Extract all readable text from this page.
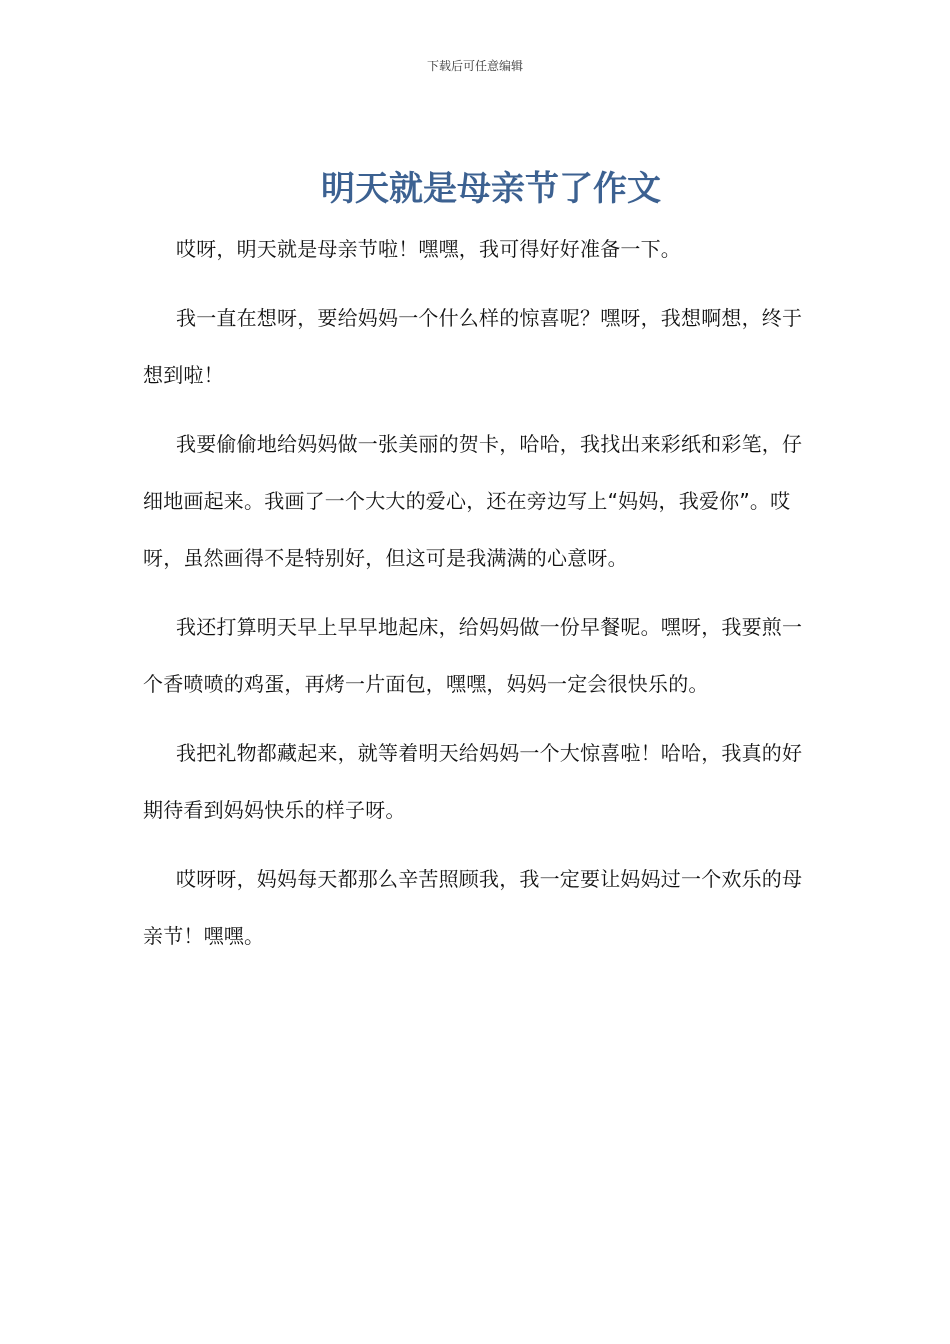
下载后可任意编辑
明天就是母亲节了作文

哎呀，明天就是母亲节啦！嘿嘿，我可得好好准备一下。

我一直在想呀，要给妈妈一个什么样的惊喜呢？嘿呀，我想啊想，终于想到啦！

我要偷偷地给妈妈做一张美丽的贺卡，哈哈，我找出来彩纸和彩笔，仔细地画起来。我画了一个大大的爱心，还在旁边写上“妈妈，我爱你”。哎呀，虽然画得不是特别好，但这可是我满满的心意呀。

我还打算明天早上早早地起床，给妈妈做一份早餐呢。嘿呀，我要煎一个香喷喷的鸡蛋，再烤一片面包，嘿嘿，妈妈一定会很快乐的。

我把礼物都藏起来，就等着明天给妈妈一个大惊喜啦！哈哈，我真的好期待看到妈妈快乐的样子呀。

哎呀呀，妈妈每天都那么辛苦照顾我，我一定要让妈妈过一个欢乐的母亲节！嘿嘿。
